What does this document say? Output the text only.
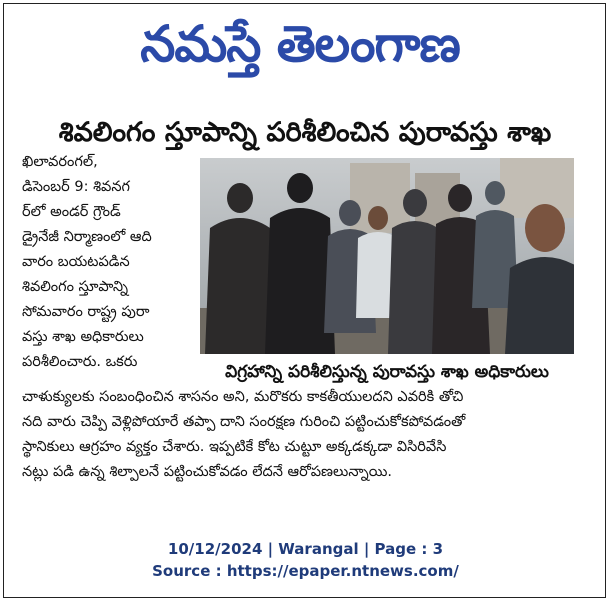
నమస్తే తెలంగాణ
శివలింగం స్తూపాన్ని పరిశీలించిన పురావస్తు శాఖ
ఖిలావరంగల్,
డిసెంబర్ 9: శివనగ
ర్‌లో అండర్ గ్రౌండ్
డ్రైనేజీ నిర్మాణంలో ఆది
వారం బయటపడిన
శివలింగం స్తూపాన్ని
సోమవారం రాష్ట్ర పురా
వస్తు శాఖ అధికారులు
పరిశీలించారు. ఒకరు	విగ్రహాన్ని పరిశీలిస్తున్న పురావస్తు శాఖ అధికారులు
చాళుక్యులకు సంబంధించిన శాసనం అని, మరొకరు కాకతీయులదని ఎవరికి తోచి
నది వారు చెప్పి వెళ్లిపోయారే తప్పా దాని సంరక్షణ గురించి పట్టించుకోకపోవడంతో
స్థానికులు ఆగ్రహం వ్యక్తం చేశారు. ఇప్పటికే కోట చుట్టూ అక్కడక్కడా విసిరివేసి
నట్లు పడి ఉన్న శిల్పాలనే పట్టించుకోవడం లేదనే ఆరోపణలున్నాయి.
10/12/2024 | Warangal | Page : 3
Source : https://epaper.ntnews.com/
